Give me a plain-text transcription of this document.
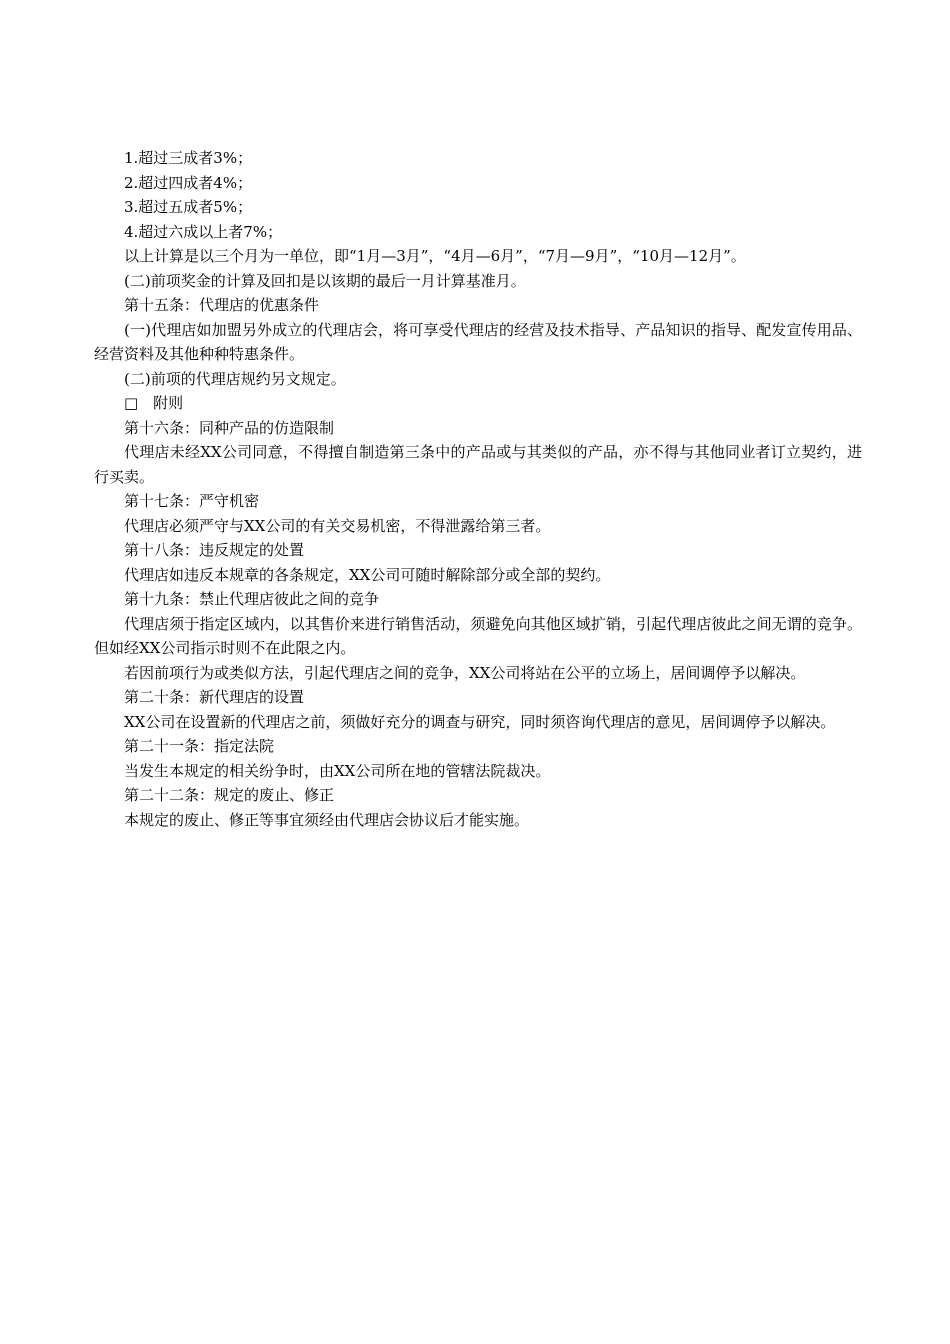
1.超过三成者3%；

2.超过四成者4%；

3.超过五成者5%；

4.超过六成以上者7%；

以上计算是以三个月为一单位，即“1月—3月”，“4月—6月”，“7月—9月”，“10月—12月”。

(二)前项奖金的计算及回扣是以该期的最后一月计算基准月。

第十五条：代理店的优惠条件

(一)代理店如加盟另外成立的代理店会，将可享受代理店的经营及技术指导、产品知识的指导、配发宣传用品、经营资料及其他种种特惠条件。

(二)前项的代理店规约另文规定。

□　附则

第十六条：同种产品的仿造限制

代理店未经XX公司同意，不得擅自制造第三条中的产品或与其类似的产品，亦不得与其他同业者订立契约，进行买卖。

第十七条：严守机密

代理店必须严守与XX公司的有关交易机密，不得泄露给第三者。

第十八条：违反规定的处置

代理店如违反本规章的各条规定，XX公司可随时解除部分或全部的契约。

第十九条：禁止代理店彼此之间的竞争

代理店须于指定区域内，以其售价来进行销售活动，须避免向其他区域扩销，引起代理店彼此之间无谓的竞争。但如经XX公司指示时则不在此限之内。

若因前项行为或类似方法，引起代理店之间的竞争，XX公司将站在公平的立场上，居间调停予以解决。

第二十条：新代理店的设置

XX公司在设置新的代理店之前，须做好充分的调查与研究，同时须咨询代理店的意见，居间调停予以解决。

第二十一条：指定法院

当发生本规定的相关纷争时，由XX公司所在地的管辖法院裁决。

第二十二条：规定的废止、修正

本规定的废止、修正等事宜须经由代理店会协议后才能实施。
